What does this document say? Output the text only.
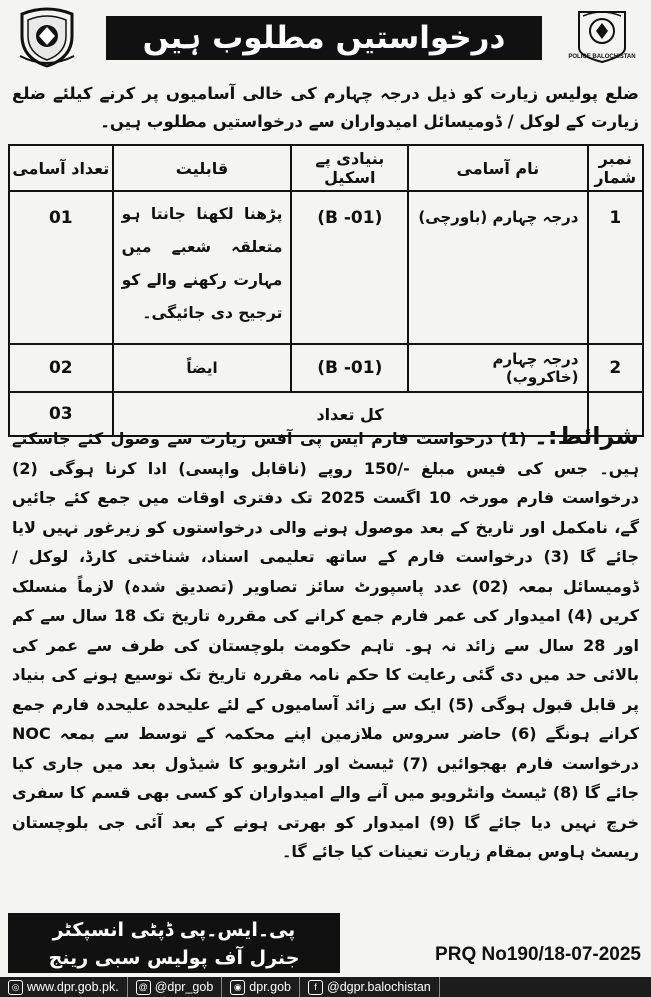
درخواستیں مطلوب ہیں
POLICE BALOCHISTAN
ضلع پولیس زیارت کو ذیل درجہ چہارم کی خالی آسامیوں پر کرنے کیلئے ضلع زیارت کے لوکل / ڈومیسائل امیدواران سے درخواستیں مطلوب ہیں۔
نمبر شمار	نام آسامی	بنیادی پے اسکیل	قابلیت	تعداد آسامی
1	درجہ چہارم (باورچی)	(B -01)	پڑھنا لکھنا جانتا ہو متعلقہ شعبے میں مہارت رکھنے والے کو ترجیح دی جائیگی۔	01
2	درجہ چہارم (خاکروب)	(B -01)	ایضاً	02
	کل تعداد			03
شرائط:۔ (1) درخواست فارم ایس پی آفس زیارت سے وصول کئے جاسکتے ہیں۔ جس کی فیس مبلغ -/150 روپے (ناقابل واپسی) ادا کرنا ہوگی (2) درخواست فارم مورخہ 10 اگست 2025 تک دفتری اوقات میں جمع کئے جائیں گے، نامکمل اور تاریخ کے بعد موصول ہونے والی درخواستوں کو زیرغور نہیں لایا جائے گا (3) درخواست فارم کے ساتھ تعلیمی اسناد، شناختی کارڈ، لوکل / ڈومیسائل بمعہ (02) عدد پاسپورٹ سائز تصاویر (تصدیق شدہ) لازماً منسلک کریں (4) امیدوار کی عمر فارم جمع کرانے کی مقررہ تاریخ تک 18 سال سے کم اور 28 سال سے زائد نہ ہو۔ تاہم حکومت بلوچستان کی طرف سے عمر کی بالائی حد میں دی گئی رعایت کا حکم نامہ مقررہ تاریخ تک توسیع ہونے کی بنیاد پر قابل قبول ہوگی (5) ایک سے زائد آسامیوں کے لئے علیحدہ علیحدہ فارم جمع کرانے ہونگے (6) حاضر سروس ملازمین اپنے محکمہ کے توسط سے بمعہ NOC درخواست فارم بھجوائیں (7) ٹیسٹ اور انٹرویو کا شیڈول بعد میں جاری کیا جائے گا (8) ٹیسٹ وانٹرویو میں آنے والے امیدواران کو کسی بھی قسم کا سفری خرچ نہیں دیا جائے گا (9) امیدوار کو بھرتی ہونے کے بعد آئی جی بلوچستان ریسٹ ہاوس بمقام زیارت تعینات کیا جائے گا۔
پی۔ایس۔پی ڈپٹی انسپکٹر
جنرل آف پولیس سبی رینج	PRQ No190/18-07-2025
◎ www.dpr.gob.pk.	@ @dpr_gob	◉ dpr.gob	f @dgpr.balochistan
